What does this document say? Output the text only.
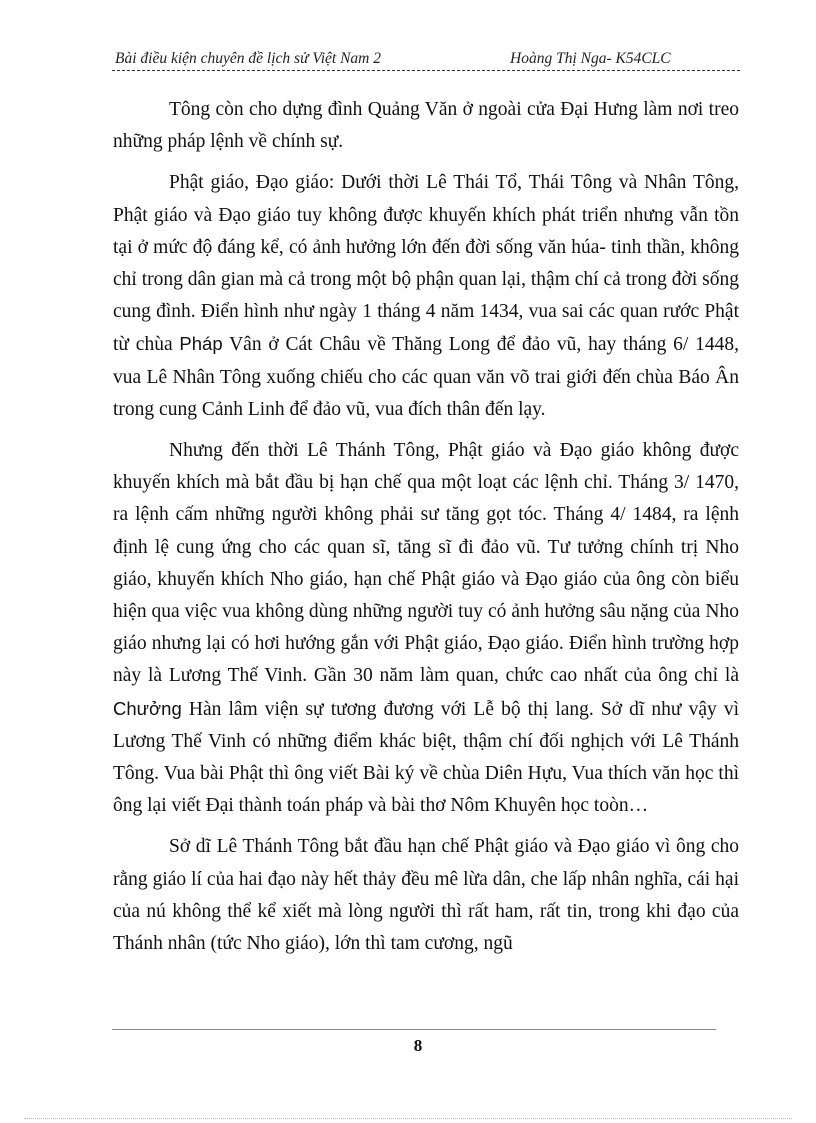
Bài điều kiện chuyên đề lịch sử Việt Nam 2	Hoàng Thị Nga- K54CLC

Tông còn cho dựng đình Quảng Văn ở ngoài cửa Đại Hưng làm nơi treo những pháp lệnh về chính sự.

Phật giáo, Đạo giáo: Dưới thời Lê Thái Tổ, Thái Tông và Nhân Tông, Phật giáo và Đạo giáo tuy không được khuyến khích phát triển nhưng vẫn tồn tại ở mức độ đáng kể, có ảnh hưởng lớn đến đời sống văn húa- tinh thần, không chỉ trong dân gian mà cả trong một bộ phận quan lại, thậm chí cả trong đời sống cung đình. Điển hình như ngày 1 tháng 4 năm 1434, vua sai các quan rước Phật từ chùa Pháp Vân ở Cát Châu về Thăng Long để đảo vũ, hay tháng 6/ 1448, vua Lê Nhân Tông xuống chiếu cho các quan văn võ trai giới đến chùa Báo Ân trong cung Cảnh Linh để đảo vũ, vua đích thân đến lạy.

Nhưng đến thời Lê Thánh Tông, Phật giáo và Đạo giáo không được khuyến khích mà bắt đầu bị hạn chế qua một loạt các lệnh chỉ. Tháng 3/ 1470, ra lệnh cấm những người không phải sư tăng gọt tóc. Tháng 4/ 1484, ra lệnh định lệ cung ứng cho các quan sĩ, tăng sĩ đi đảo vũ. Tư tưởng chính trị Nho giáo, khuyến khích Nho giáo, hạn chế Phật giáo và Đạo giáo của ông còn biểu hiện qua việc vua không dùng những người tuy có ảnh hưởng sâu nặng của Nho giáo nhưng lại có hơi hướng gắn với Phật giáo, Đạo giáo. Điển hình trường hợp này là Lương Thế Vinh. Gần 30 năm làm quan, chức cao nhất của ông chỉ là Chưởng Hàn lâm viện sự tương đương với Lễ bộ thị lang. Sở dĩ như vậy vì Lương Thế Vinh có những điểm khác biệt, thậm chí đối nghịch với Lê Thánh Tông. Vua bài Phật thì ông viết Bài ký về chùa Diên Hựu, Vua thích văn học thì ông lại viết Đại thành toán pháp và bài thơ Nôm Khuyên học toòn…

Sở dĩ Lê Thánh Tông bắt đầu hạn chế Phật giáo và Đạo giáo vì ông cho rằng giáo lí của hai đạo này hết thảy đều mê lừa dân, che lấp nhân nghĩa, cái hại của nú không thể kể xiết mà lòng người thì rất ham, rất tin, trong khi đạo của Thánh nhân (tức Nho giáo), lớn thì tam cương, ngũ

8
